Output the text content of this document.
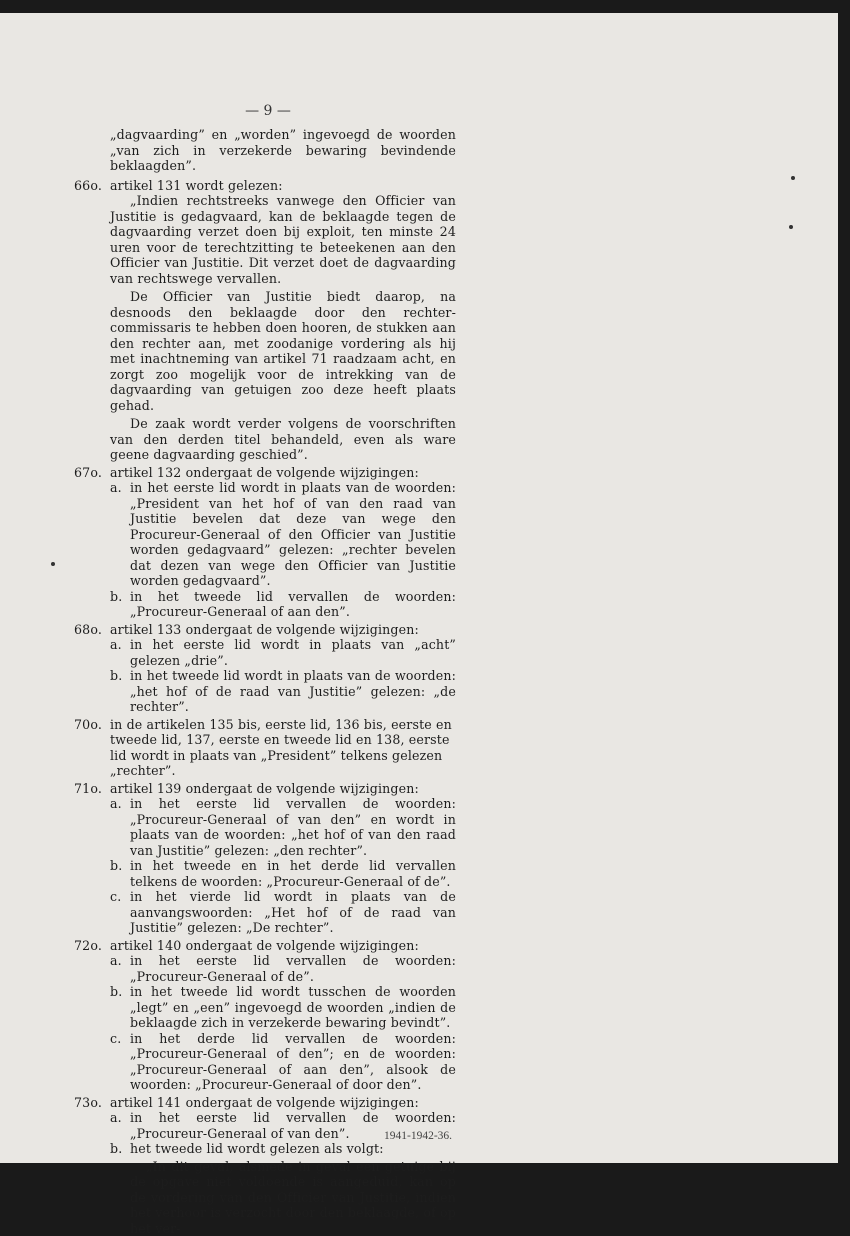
— 9 —
„dagvaarding” en „worden” ingevoegd de woorden „van zich in verzekerde bewaring bevindende beklaagden”.
66o. artikel 131 wordt gelezen:
„Indien rechtstreeks vanwege den Officier van Justitie is gedagvaard, kan de beklaagde tegen de dagvaarding verzet doen bij exploit, ten minste 24 uren voor de terechtzitting te beteekenen aan den Officier van Justitie. Dit verzet doet de dagvaarding van rechtswege vervallen.
De Officier van Justitie biedt daarop, na desnoods den beklaagde door den rechter-commissaris te hebben doen hooren, de stukken aan den rechter aan, met zoodanige vordering als hij met inachtneming van artikel 71 raadzaam acht, en zorgt zoo mogelijk voor de intrekking van de dagvaarding van getuigen zoo deze heeft plaats gehad.
De zaak wordt verder volgens de voorschriften van den derden titel behandeld, even als ware geene dagvaarding geschied”.
67o. artikel 132 ondergaat de volgende wijzigingen:
a. in het eerste lid wordt in plaats van de woorden: „President van het hof of van den raad van Justitie bevelen dat deze van wege den Procureur-Generaal of den Officier van Justitie worden gedagvaard” gelezen: „rechter bevelen dat dezen van wege den Officier van Justitie worden gedagvaard”.
b. in het tweede lid vervallen de woorden: „Procureur-Generaal of aan den”.
68o. artikel 133 ondergaat de volgende wijzigingen:
a. in het eerste lid wordt in plaats van „acht” gelezen „drie”.
b. in het tweede lid wordt in plaats van de woorden: „het hof of de raad van Justitie” gelezen: „de rechter”.
70o. in de artikelen 135 bis, eerste lid, 136 bis, eerste en tweede lid, 137, eerste en tweede lid en 138, eerste lid wordt in plaats van „President” telkens gelezen „rechter”.
71o. artikel 139 ondergaat de volgende wijzigingen:
a. in het eerste lid vervallen de woorden: „Procureur-Generaal of van den” en wordt in plaats van de woorden: „het hof of van den raad van Justitie” gelezen: „den rechter”.
b. in het tweede en in het derde lid vervallen telkens de woorden: „Procureur-Generaal of de”.
c. in het vierde lid wordt in plaats van de aanvangswoorden: „Het hof of de raad van Justitie” gelezen: „De rechter”.
72o. artikel 140 ondergaat de volgende wijzigingen:
a. in het eerste lid vervallen de woorden: „Procureur-Generaal of de”.
b. in het tweede lid wordt tusschen de woorden „legt” en „een” ingevoegd de woorden „indien de beklaagde zich in verzekerde bewaring bevindt”.
c. in het derde lid vervallen de woorden: „Procureur-Generaal of den”; en de woorden: „Procureur-Generaal of aan den”, alsook de woorden: „Procureur-Generaal of door den”.
73o. artikel 141 ondergaat de volgende wijzigingen:
a. in het eerste lid vervallen de woorden: „Procureur-Generaal of van den”.
b. het tweede lid wordt gelezen als volgt:
„In dit geval, alsmede in geval een getuige bij de opgave niet voldoende is aangeduid, kan op de vordering van den Officier van Justitie, indien het verhoor is verzocht door den beklaagde, of op het ver-
1941-1942-36.
